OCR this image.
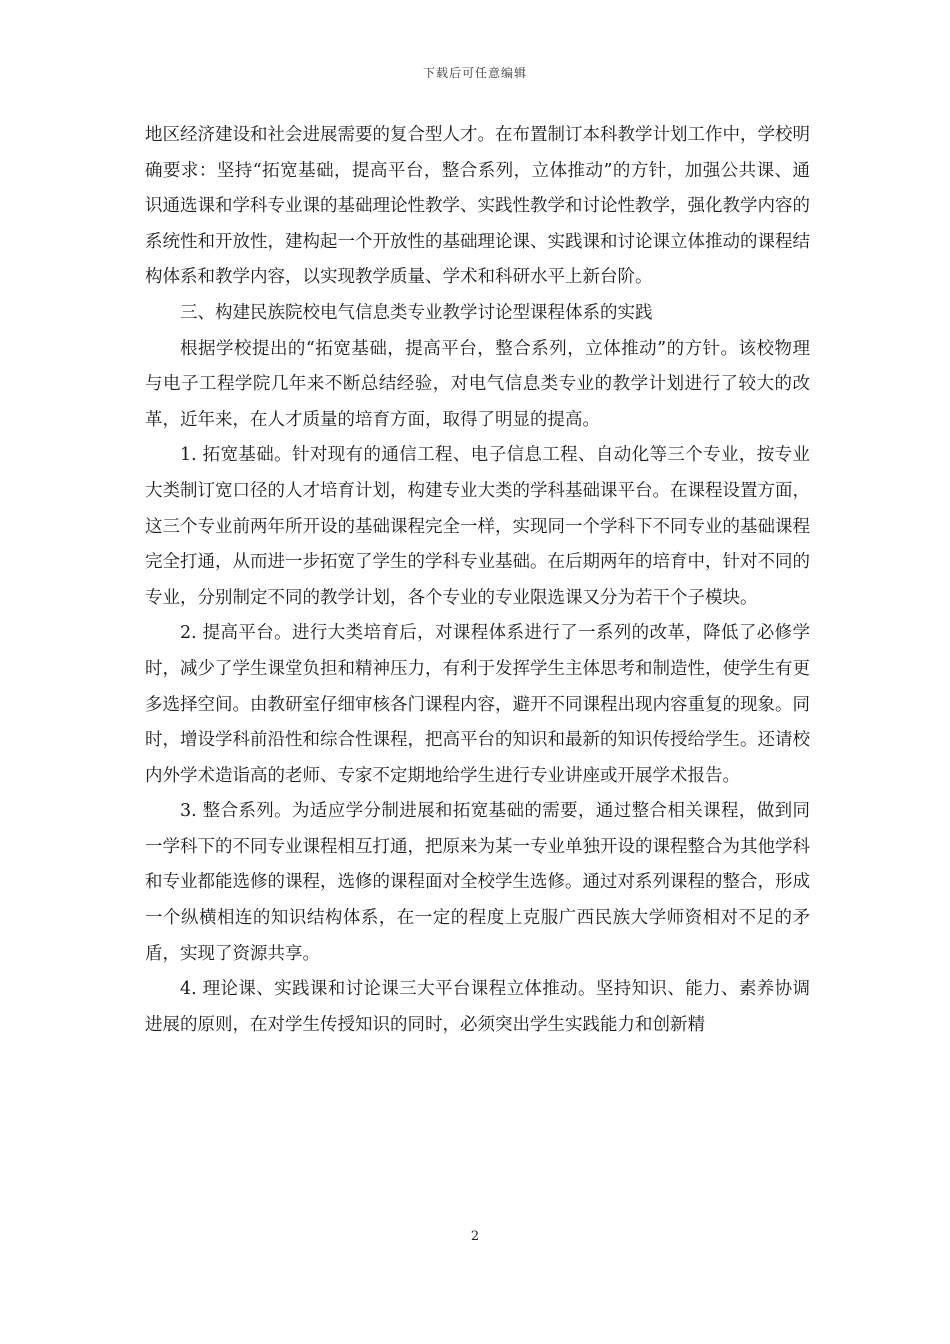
下载后可任意编辑

地区经济建设和社会进展需要的复合型人才。在布置制订本科教学计划工作中，学校明确要求：坚持“拓宽基础，提高平台，整合系列，立体推动”的方针，加强公共课、通识通选课和学科专业课的基础理论性教学、实践性教学和讨论性教学，强化教学内容的系统性和开放性，建构起一个开放性的基础理论课、实践课和讨论课立体推动的课程结构体系和教学内容，以实现教学质量、学术和科研水平上新台阶。

三、构建民族院校电气信息类专业教学讨论型课程体系的实践

根据学校提出的“拓宽基础，提高平台，整合系列，立体推动”的方针。该校物理与电子工程学院几年来不断总结经验，对电气信息类专业的教学计划进行了较大的改革，近年来，在人才质量的培育方面，取得了明显的提高。

1. 拓宽基础。针对现有的通信工程、电子信息工程、自动化等三个专业，按专业大类制订宽口径的人才培育计划，构建专业大类的学科基础课平台。在课程设置方面，这三个专业前两年所开设的基础课程完全一样，实现同一个学科下不同专业的基础课程完全打通，从而进一步拓宽了学生的学科专业基础。在后期两年的培育中，针对不同的专业，分别制定不同的教学计划，各个专业的专业限选课又分为若干个子模块。

2. 提高平台。进行大类培育后，对课程体系进行了一系列的改革，降低了必修学时，减少了学生课堂负担和精神压力，有利于发挥学生主体思考和制造性，使学生有更多选择空间。由教研室仔细审核各门课程内容，避开不同课程出现内容重复的现象。同时，增设学科前沿性和综合性课程，把高平台的知识和最新的知识传授给学生。还请校内外学术造诣高的老师、专家不定期地给学生进行专业讲座或开展学术报告。

3. 整合系列。为适应学分制进展和拓宽基础的需要，通过整合相关课程，做到同一学科下的不同专业课程相互打通，把原来为某一专业单独开设的课程整合为其他学科和专业都能选修的课程，选修的课程面对全校学生选修。通过对系列课程的整合，形成一个纵横相连的知识结构体系，在一定的程度上克服广西民族大学师资相对不足的矛盾，实现了资源共享。

4. 理论课、实践课和讨论课三大平台课程立体推动。坚持知识、能力、素养协调进展的原则，在对学生传授知识的同时，必须突出学生实践能力和创新精

2
